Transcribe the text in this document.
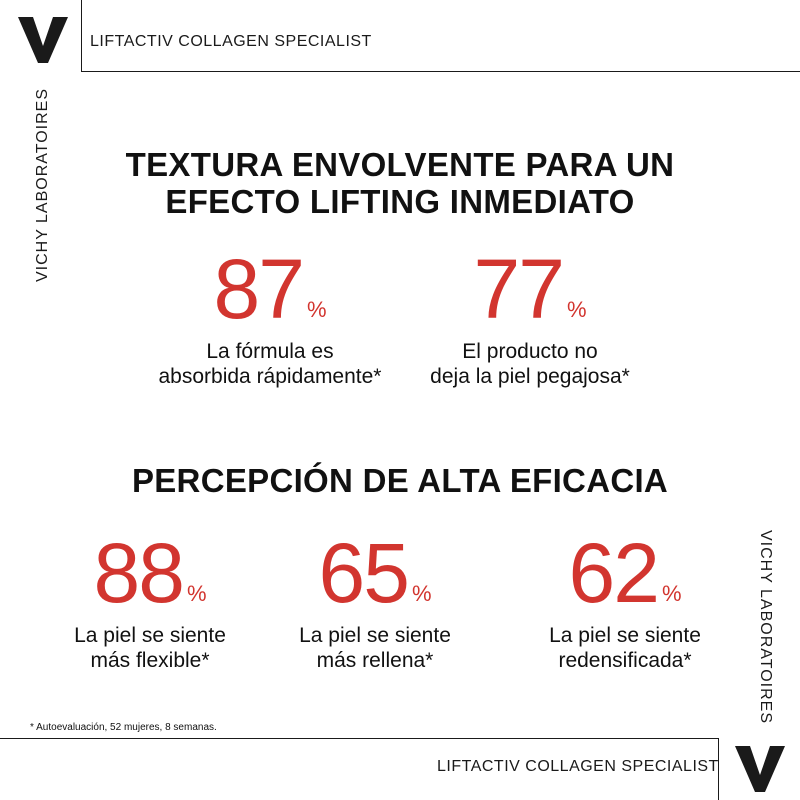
LIFTACTIV COLLAGEN SPECIALIST
VICHY LABORATOIRES
VICHY LABORATOIRES
TEXTURA ENVOLVENTE PARA UN
EFECTO LIFTING INMEDIATO
87 %
La fórmula es
absorbida rápidamente*
77 %
El producto no
deja la piel pegajosa*
PERCEPCIÓN DE ALTA EFICACIA
88 %
La piel se siente
más flexible*
65 %
La piel se siente
más rellena*
62 %
La piel se siente
redensificada*
* Autoevaluación, 52 mujeres, 8 semanas.
LIFTACTIV COLLAGEN SPECIALIST
